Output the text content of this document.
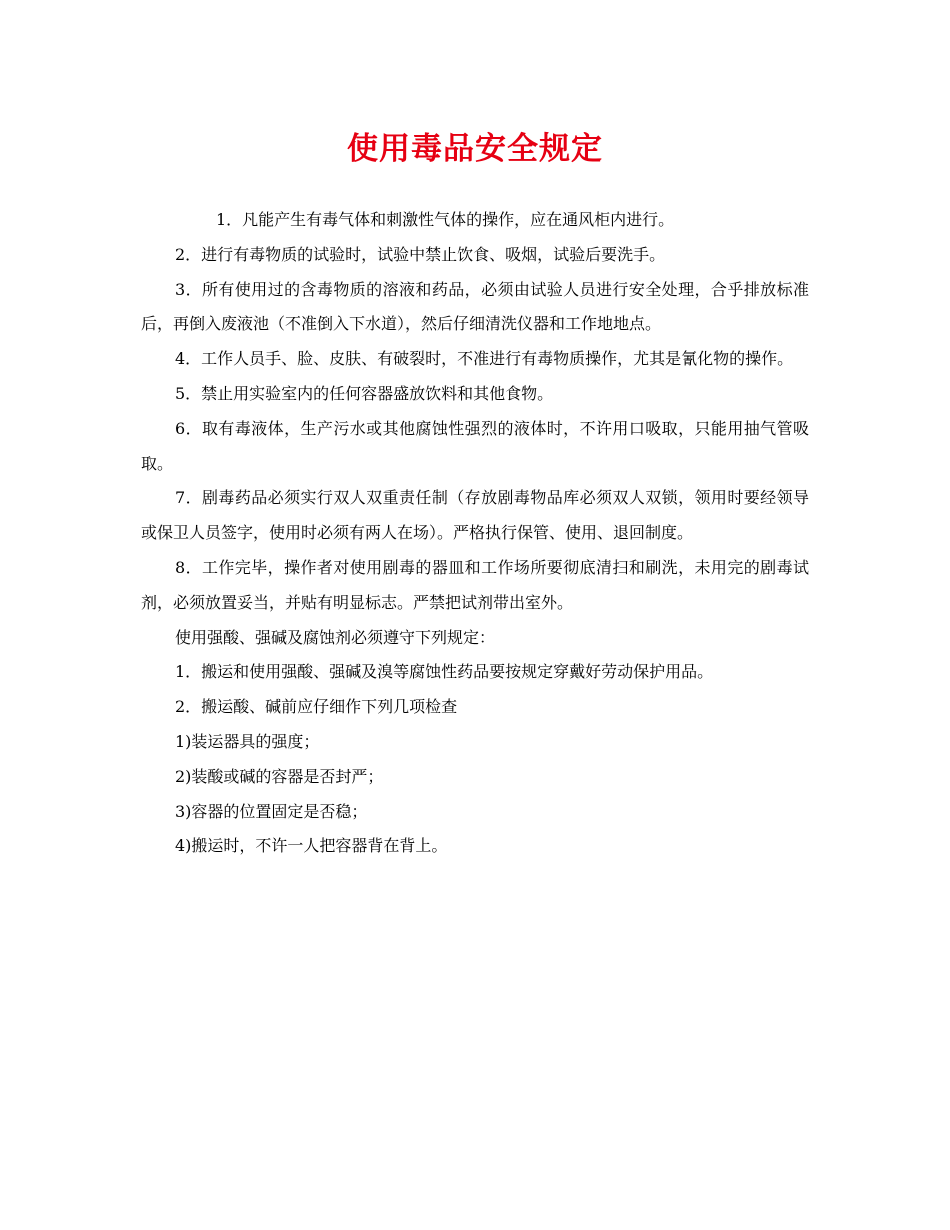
使用毒品安全规定

1．凡能产生有毒气体和刺激性气体的操作，应在通风柜内进行。

2．进行有毒物质的试验时，试验中禁止饮食、吸烟，试验后要洗手。

3．所有使用过的含毒物质的溶液和药品，必须由试验人员进行安全处理，合乎排放标准后，再倒入废液池（不准倒入下水道），然后仔细清洗仪器和工作地地点。

4．工作人员手、脸、皮肤、有破裂时，不准进行有毒物质操作，尤其是氰化物的操作。

5．禁止用实验室内的任何容器盛放饮料和其他食物。

6．取有毒液体，生产污水或其他腐蚀性强烈的液体时，不许用口吸取，只能用抽气管吸取。

7．剧毒药品必须实行双人双重责任制（存放剧毒物品库必须双人双锁，领用时要经领导或保卫人员签字，使用时必须有两人在场）。严格执行保管、使用、退回制度。

8．工作完毕，操作者对使用剧毒的器皿和工作场所要彻底清扫和刷洗，未用完的剧毒试剂，必须放置妥当，并贴有明显标志。严禁把试剂带出室外。

使用强酸、强碱及腐蚀剂必须遵守下列规定：

1．搬运和使用强酸、强碱及溴等腐蚀性药品要按规定穿戴好劳动保护用品。

2．搬运酸、碱前应仔细作下列几项检查

1)装运器具的强度；

2)装酸或碱的容器是否封严；

3)容器的位置固定是否稳；

4)搬运时，不许一人把容器背在背上。
